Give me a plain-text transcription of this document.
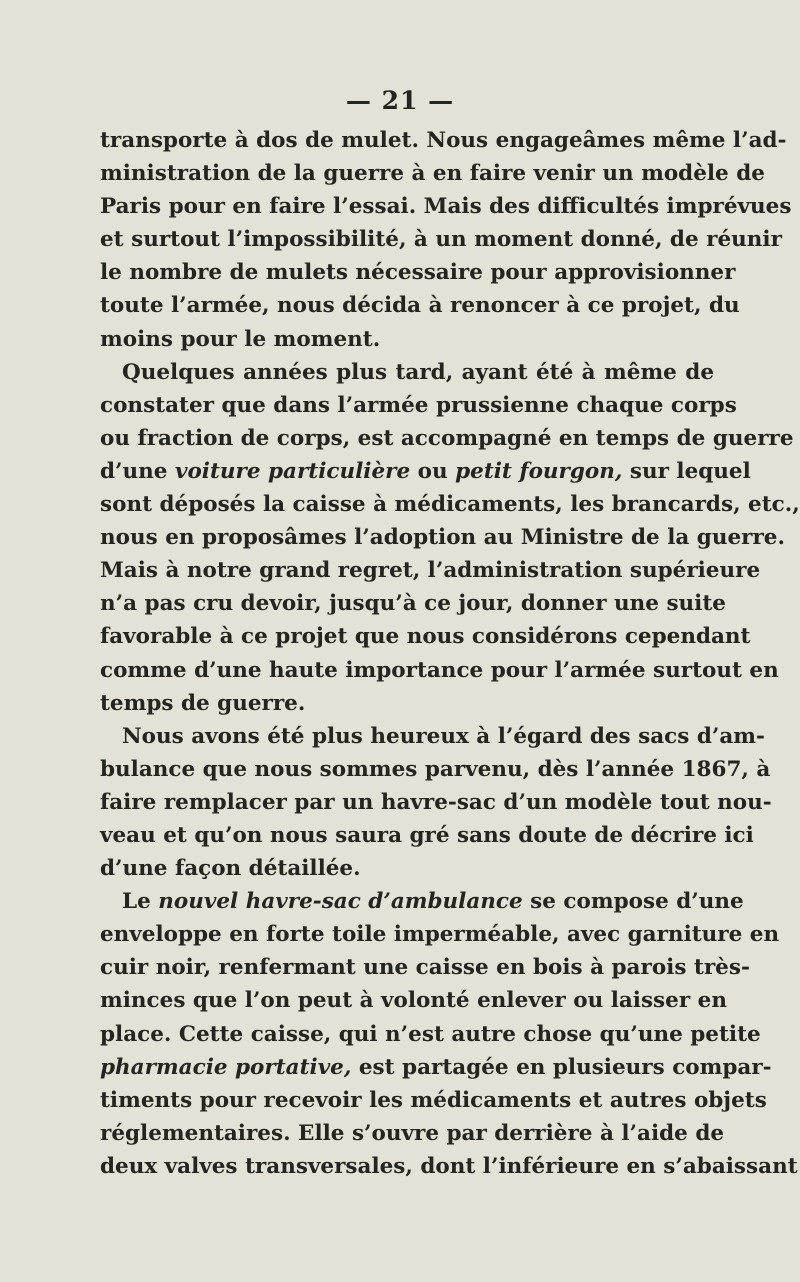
— 21 —
transporte à dos de mulet. Nous engageâmes même l’ad-
ministration de la guerre à en faire venir un modèle de
Paris pour en faire l’essai. Mais des difficultés imprévues
et surtout l’impossibilité, à un moment donné, de réunir
le nombre de mulets nécessaire pour approvisionner
toute l’armée, nous décida à renoncer à ce projet, du
moins pour le moment.
Quelques années plus tard, ayant été à même de
constater que dans l’armée prussienne chaque corps
ou fraction de corps, est accompagné en temps de guerre
d’une voiture particulière ou petit fourgon, sur lequel
sont déposés la caisse à médicaments, les brancards, etc.,
nous en proposâmes l’adoption au Ministre de la guerre.
Mais à notre grand regret, l’administration supérieure
n’a pas cru devoir, jusqu’à ce jour, donner une suite
favorable à ce projet que nous considérons cependant
comme d’une haute importance pour l’armée surtout en
temps de guerre.
Nous avons été plus heureux à l’égard des sacs d’am-
bulance que nous sommes parvenu, dès l’année 1867, à
faire remplacer par un havre-sac d’un modèle tout nou-
veau et qu’on nous saura gré sans doute de décrire ici
d’une façon détaillée.
Le nouvel havre-sac d’ambulance se compose d’une
enveloppe en forte toile imperméable, avec garniture en
cuir noir, renfermant une caisse en bois à parois très-
minces que l’on peut à volonté enlever ou laisser en
place. Cette caisse, qui n’est autre chose qu’une petite
pharmacie portative, est partagée en plusieurs compar-
timents pour recevoir les médicaments et autres objets
réglementaires. Elle s’ouvre par derrière à l’aide de
deux valves transversales, dont l’inférieure en s’abaissant
